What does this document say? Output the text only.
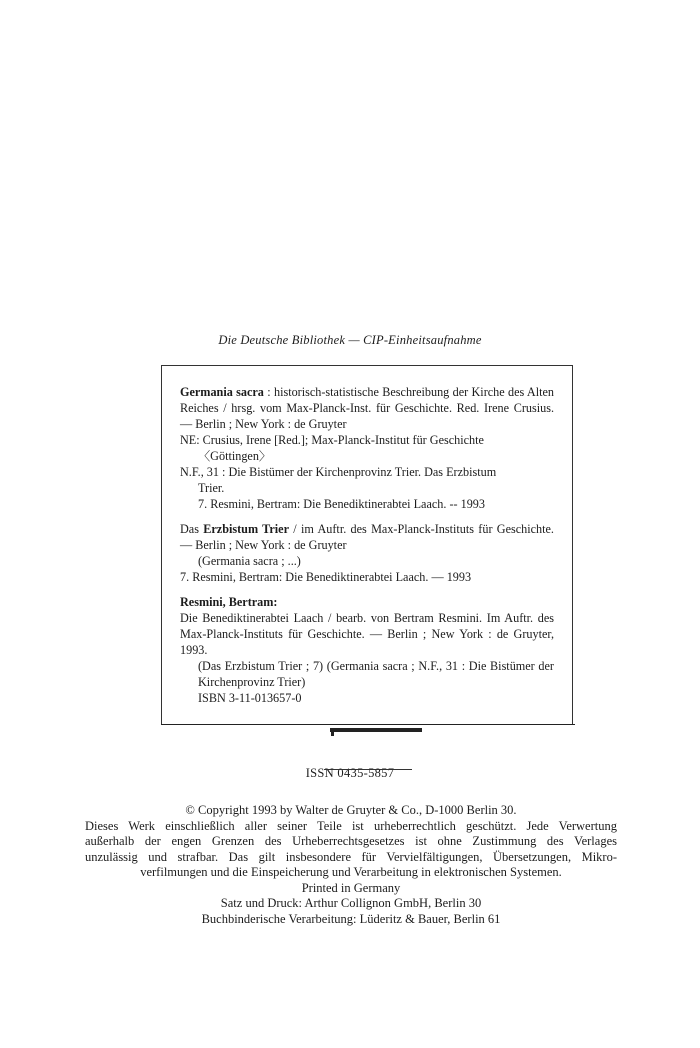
Die Deutsche Bibliothek — CIP-Einheitsaufnahme
Germania sacra : historisch-statistische Beschreibung der Kirche des Alten Reiches / hrsg. vom Max-Planck-Inst. für Geschichte. Red. Irene Crusius. — Berlin ; New York : de Gruyter
NE: Crusius, Irene [Red.]; Max-Planck-Institut für Geschichte
〈Göttingen〉
N.F., 31 : Die Bistümer der Kirchenprovinz Trier. Das Erzbistum
Trier.
7. Resmini, Bertram: Die Benediktinerabtei Laach. -- 1993
Das Erzbistum Trier / im Auftr. des Max-Planck-Instituts für Geschichte. — Berlin ; New York : de Gruyter
(Germania sacra ; ...)
7. Resmini, Bertram: Die Benediktinerabtei Laach. — 1993
Resmini, Bertram:
Die Benediktinerabtei Laach / bearb. von Bertram Resmini. Im Auftr. des Max-Planck-Instituts für Geschichte. — Berlin ; New York : de Gruyter, 1993.
(Das Erzbistum Trier ; 7) (Germania sacra ; N.F., 31 : Die Bistümer der Kirchenprovinz Trier)
ISBN 3-11-013657-0
ISSN 0435-5857
© Copyright 1993 by Walter de Gruyter & Co., D-1000 Berlin 30.
Dieses Werk einschließlich aller seiner Teile ist urheberrechtlich geschützt. Jede Verwertung
außerhalb der engen Grenzen des Urheberrechtsgesetzes ist ohne Zustimmung des Verlages
unzulässig und strafbar. Das gilt insbesondere für Vervielfältigungen, Übersetzungen, Mikro-
verfilmungen und die Einspeicherung und Verarbeitung in elektronischen Systemen.
Printed in Germany
Satz und Druck: Arthur Collignon GmbH, Berlin 30
Buchbinderische Verarbeitung: Lüderitz & Bauer, Berlin 61
